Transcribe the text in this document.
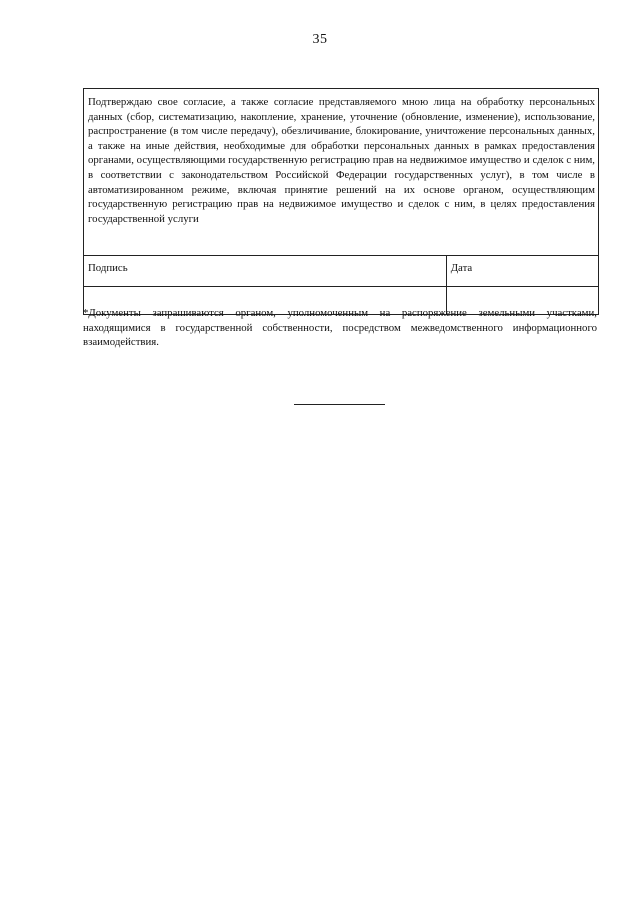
35
Подтверждаю свое согласие, а также согласие представляемого мною лица на обработку персональных данных (сбор, систематизацию, накопление, хранение, уточнение (обновление, изменение), использование, распространение (в том числе передачу), обезличивание, блокирование, уничтожение персональных данных, а также на иные действия, необходимые для обработки персональных данных в рамках предоставления органами, осуществляющими государственную регистрацию прав на недвижимое имущество и сделок с ним, в соответствии с законодательством Российской Федерации государственных услуг), в том числе в автоматизированном режиме, включая принятие решений на их основе органом, осуществляющим государственную регистрацию прав на недвижимое имущество и сделок с ним, в целях предоставления государственной услуги	
Подпись	Дата

*Документы запрашиваются органом, уполномоченным на распоряжение земельными участками, находящимися в государственной собственности, посредством межведомственного информационного взаимодействия.
